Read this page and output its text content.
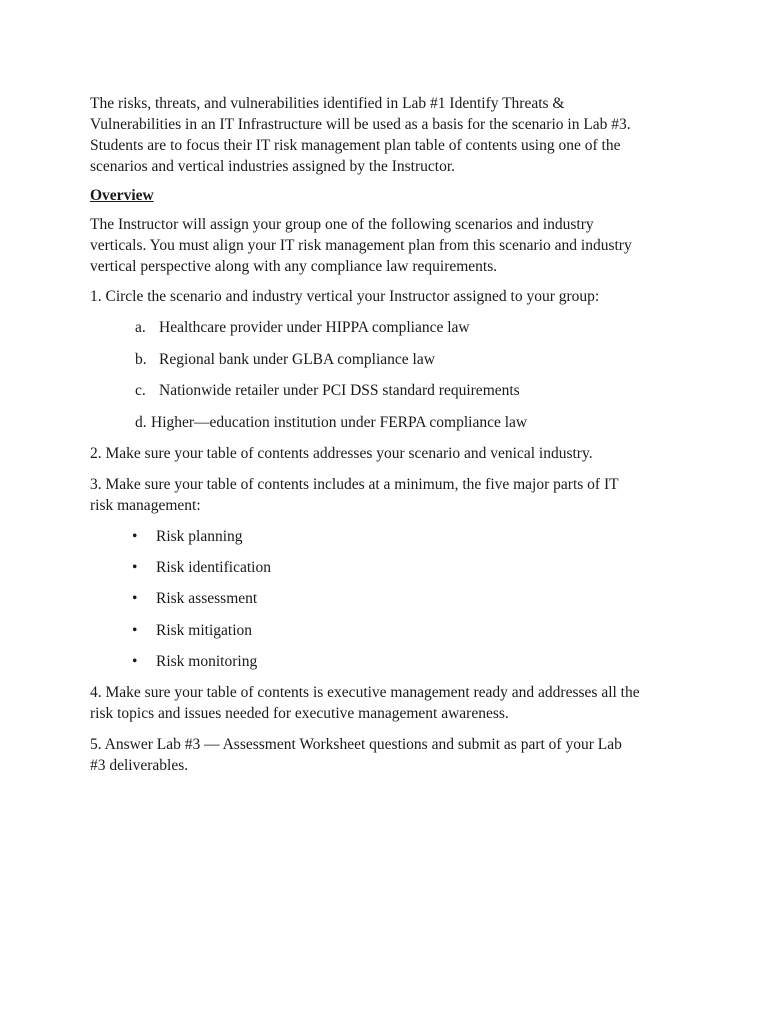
The risks, threats, and vulnerabilities identified in Lab #1 Identify Threats &
Vulnerabilities in an IT Infrastructure will be used as a basis for the scenario in Lab #3.
Students are to focus their IT risk management plan table of contents using one of the
scenarios and vertical industries assigned by the Instructor.

Overview

The Instructor will assign your group one of the following scenarios and industry
verticals. You must align your IT risk management plan from this scenario and industry
vertical perspective along with any compliance law requirements.

1. Circle the scenario and industry vertical your Instructor assigned to your group:

a. Healthcare provider under HIPPA compliance law
b. Regional bank under GLBA compliance law
c. Nationwide retailer under PCI DSS standard requirements
d. Higher—education institution under FERPA compliance law

2. Make sure your table of contents addresses your scenario and venical industry.

3. Make sure your table of contents includes at a minimum, the five major parts of IT
risk management:

• Risk planning
• Risk identification
• Risk assessment
• Risk mitigation
• Risk monitoring

4. Make sure your table of contents is executive management ready and addresses all the
risk topics and issues needed for executive management awareness.

5. Answer Lab #3 — Assessment Worksheet questions and submit as part of your Lab
#3 deliverables.
